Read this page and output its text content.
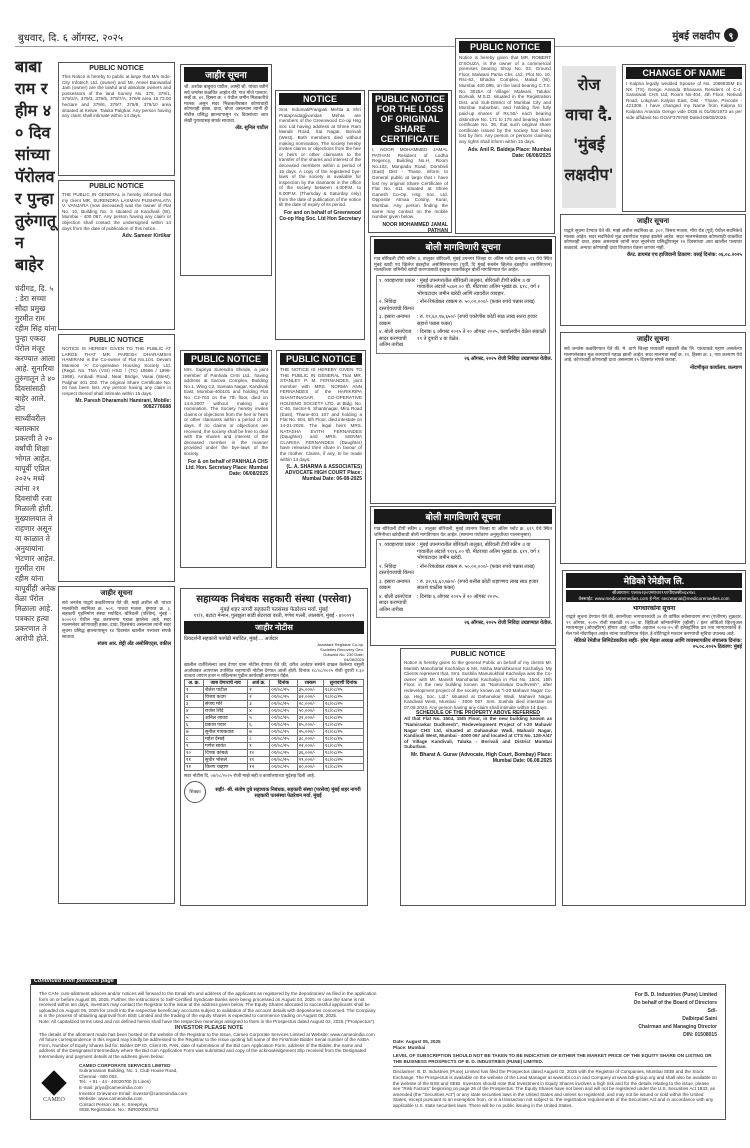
बुधवार, दि. ६ ऑगस्ट, २०२५	मुंबई लक्षदीप ९
बाबा राम रहीम ४० दिवसांच्या पॅरोलवर पुन्हा तुरुंगातून बाहेर
चंदीगड, दि. ५ : डेरा सच्चा सौदा प्रमुख गुरमीत राम रहीम सिंह यांना पुन्हा एकदा पॅरोल मंजूर करण्यात आला आहे. सुनारिया तुरुंगातून ते ४० दिवसांसाठी बाहेर आले. दोन साध्वींवरील बलात्कार प्रकरणी ते २० वर्षांची शिक्षा भोगत आहेत. यापूर्वी एप्रिल २०२५ मध्ये त्यांना २१ दिवसांची रजा मिळाली होती. मुख्यालयात ते राहणार असून या काळात ते अनुयायांना भेटणार आहेत. गुरमीत राम रहीम यांना यापूर्वीही अनेक वेळा पॅरोल मिळाला आहे. पत्रकार हत्या प्रकरणात ते आरोपी होते.
रोज वाचा दै. 'मुंबई लक्षदीप'
PUBLIC NOTICE
This Notice is hereby to public at large that M/s Indo-City Infotech Ltd. (owner) and Mr. Aneel Banwarilal Jain (owner) are the lawful and absolute owners and possessors of the land Survey No. 379, 379/1, 379/2/A, 379/3, 379/5, 379/7/A, 379/9 area 15.73.00 hectare and 379/6, 379/7, 379/8, 379/10 area situated at Kelwe, Taluka Palghar. Any person having any claim shall intimate within 14 days.
PUBLIC NOTICE
THE PUBLIC IN GENERAL is hereby informed that my client MR. SURENDRA LAXMAN PUSHPALATA V. VANJARA (now deceased) was the owner of Flat No. 10, Building No. 3 situated at Kandivali (W), Mumbai - 400 067. Any person having any claim or objection shall contact the undersigned within 14 days from the date of publication of this notice.
Adv. Sameer Kirtikar
PUBLIC NOTICE
NOTICE IS HEREBY GIVEN TO THE PUBLIC AT LARGE THAT MR. PARESH DHARAMSHI HAMIRANI is the Co-owner of Flat No.104, Devam Mansion 'A' Co-operative Housing Society Ltd. (Regd. No. TNA (VSI) HSG / (TC) 10566 / 1996-1998), Ambadi Road, Near Bridge, Vasai (West), Palghar 401 202. The original Share Certificate No. 04 has been lost. Any person having any claim in respect thereof shall intimate within 15 days.
Mr. Paresh Dharamshi Hamirani, Mobile: 9082776688
जाहीर सूचना
सर्व जनतेस याद्वारे कळविण्यात येते की, माझे अशील श्री. यांच्या मालकीची सदनिका क्र. ५०१, पाचवा मजला, इमारत क्र. ३, सहकारी गृहनिर्माण संस्था मर्यादित, बोरिवली (पश्चिम), मुंबई - ४०००९२ येथील मूळ करारनामा गहाळ झालेला आहे. सदर मालमत्तेवर कोणाचाही हक्क, दावा, हितसंबंध असल्यास त्यांनी सदर सूचना प्रसिद्ध झाल्यापासून १४ दिवसांत खालील पत्त्यावर संपर्क साधावा.
संजय आर. शेट्टी अँड असोसिएट्स, वकील
जाहीर सूचना
श्री. अशोक बाबुराव पाटील, आम्ही श्री. यांच्या वतीने सर्व जनतेस कळवित आहोत की, गाव मौजे पालघर, सर्व्हे क्र. ४२, हिस्सा क्र. २ येथील जमीन मिळकतीचे मालक असून सदर मिळकतीबाबत कोणाचाही कोणताही हक्क, दावा, बोजा असल्यास त्यांनी ही नोटीस प्रसिद्ध झाल्यापासून १४ दिवसांच्या आत लेखी पुराव्यासह संपर्क साधावा.
अ‍ॅड. सुनिल पाटील
NOTICE
Smt. IndumatiPranjpati Mehta & Shri PratapraiJagjivandas Mehta are members of the Greenwood Co-op Hsg Soc Ltd having address at Shree Ram Mandir Road, Sai Nagar, Borivali (West). Both members died without making nomination. The society hereby invites claims or objections from the heir or heirs or other claimants to the transfer of the shares and interest of the deceased members within a period of 15 days. A copy of the registered bye-laws of the society is available for inspection by the claimants in the office of the society between 4.00P.M. to 6.00P.M. (Thursday & Saturday only) from the date of publication of the notice till the date of expiry of its period.
For and on behalf of Greenwood Co-op Hsg Soc. Ltd Hon Secretary
PUBLIC NOTICE FOR THE LOSS OF ORIGINAL SHARE CERTIFICATE
I, NOOR MOHAMMED JAMAL PATHAN Resident of Lodha Regency, Building No.H, Room No.102, Manpada Road, Dombivli (East) Dist - Thane, inform to General public at large that I have lost my original Share Certificate of Flat No. 611 situated at Shree Ganesh Co-Op. Hsg. Soc. Ltd. Opposite Atmaa Colony, Kurar, Mumbai. Any person finding the same may contact on the mobile number given below.
NOOR MOHAMMED JAMAL PATHAN
PUBLIC NOTICE
Notice is hereby given that MR. ROBERT D'SOUZA, is the owner of a commercial premises bearing Shop No. 03, Ground Floor, Malwani Parsa Chs. Ltd., Plot No. 10, Rsc-62, Bhadra Complex, Malad (W), Mumbai 400 095, on the land bearing C.T.S. No. 3025A of Village: Malwani, Taluka: Borivali, M.S.D. situated in the Registration Dist. and Sub-District of Mumbai City and Mumbai Suburban, and holding five fully paid-up shares of Rs.50/- each bearing distinctive No. 171 to 175 and bearing share certificate No. 36, that such original share certificate issued by the society has been lost by him. Any person or persons claiming any rights shall inform within 15 days.
Adv. Anil R. Baldeja Place: Mumbai Date: 06/08/2025
CHANGE OF NAME
I Kalpna legally wedded Spouse of No. 1086835M Ex NK (TS) Genge Ananda Bhavana Resident of C-4, Saraswati CHS Ltd, Room No-404, 4th Floor, Netivali Road, Lokgram Kalyan East, Dist - Thane, Pincode - 421306. I have changed my Name from Kalpna to Kalpana Ananda Genge vide DOB is 01/06/1973 as per vide affidavit No GOAF379780 Dated 06/08/2025.
जाहीर सूचना
याद्वारे सूचना देण्यात येते की, माझे अशील सदनिका क्र. ३०२, तिसरा मजला, मीरा रोड (पूर्व) येथील सदनिकेचे मालक आहेत. सदर सदनिकेचे मूळ दस्तऐवज गहाळ झालेले आहेत. सदर मालमत्तेबाबत कोणत्याही व्यक्तीचा कोणताही दावा, हक्क असल्यास त्यांनी सदर सूचनेच्या प्रसिद्धीपासून १४ दिवसांच्या आत खालील पत्त्यावर कळवावे, अन्यथा कोणताही दावा विचारात घेतला जाणार नाही.
कॅप्ट. डायमंड एच हाजिवानी ठिकाण: वसई दिनांक: ०६.०८.२०२५
जाहीर सूचना
सर्व जनतेस कळविण्यात येते की, मे. ठाणे जिल्हा मध्यवर्ती सहकारी बँक लि. यांच्याकडे गहाण असलेल्या मालमत्तेबाबत मूळ कागदपत्रे गहाळ झाली आहेत. सदर मालमत्ता सर्व्हे क्र. १२, हिस्सा क्र. ३, गाव कल्याण येथे आहे. कोणाचाही कोणताही दावा असल्यास १५ दिवसांत संपर्क करावा.
नोंदणीकृत कार्यालय, कल्याण
PUBLIC NOTICE
Mrs. Supriya Surendra Shinde, a joint member of Panhala CHS Ltd., having address at Sarova Complex, Building No.1, Wing C2, Samata Nagar, Kandivali East, Mumbai-400101 and holding Flat No. C2-703 on the 7th floor, died on 14.6.2007 without making any nomination. The Society hereby invites claims or objections from the heir or heirs or other claimants within a period of 15 days. If no claims or objections are received, the society shall be free to deal with the shares and interest of the deceased member in the manner provided under the bye-laws of the society.
For & on behalf of PANHALA CHS Ltd. Hon. Secretary Place: Mumbai Date: 06/08/2025
PUBLIC NOTICE
THE NOTICE IS HEREBY GIVEN TO THE PUBLIC IN GENERAL That MR. STANLEY P. M. FERNANDES, joint member with MRS. NORMA ANN FERNANDES of the HARIKRIPA SHANTINAGAR CO-OPERATIVE HOUSING SOCIETY LTD. at Bldg. No. C-46, Sector-5, Shantinagar, Mira Road (East), Thane-401 107 and holding a Flat No. 504, 5th Floor, died intestate on 14-01-2025. The legal heirs MRS. NATASHA EVITH FERNANDES (Daughter) and MRS. SIENNA CLARISA FERNANDES (Daughter) have released their share in favour of the mother. Claims, if any, to be made within 14 days.
(L. A. SHARMA & ASSOCIATES) ADVOCATE HIGH COURT Place: Mumbai Date: 06-08-2025
बोली मागविणारी सूचना
गाव बोरिवली टीपी स्कीम ॥, तालुका बोरिवली, मुंबई उपनगर जिल्हा या अंतिम प्लॉट क्रमांक ५११ येथे स्थित मुंबई खादी एवं व्हिलेज इंडस्ट्रीज असोसिएशनच्या (पूर्वी, दि मुंबई सबर्बन व्हिलेज इंडस्ट्रीज असोसिएशन) मालकीच्या जमिनीचे खरेदी करण्यासाठी इच्छुक व्यक्तींकडून बोली मागविण्यात येत आहेत.
१. व्यवहाराचा प्रकार : मुंबई उपनगरातील बोरिवली तालुका, बोरिवली टीपी स्कीम ॥ या गावातील अंदाजे ५८७२.०० चौ. मीटरच्या अंतिम भूखंड क्र. ६१८, वर्ग १ भोगवटादार जमीन खरेदी आणि त्यावरील व्यवहार.
२. निविदा दस्तऐवजांची किंमत
: नॉन-रिफंडेबल रक्कम रु. ५०,००,०००/- (फक्त रुपये पन्नास लाख)
३. इसारा अनामत रक्कम
: रु. १९,६०,१७,६५०/- (रुपये एकोणीस कोटी साठ लाख सतरा हजार सहाशे पन्नास फक्त)
४. बोली दस्तऐवज सादर करण्याची अंतिम तारीख
: दिनांक ६ ऑगस्ट २०२५ ते २० ऑगस्ट २०२५, कार्यालयीन वेळेत सकाळी ११ ते दुपारी ४ या वेळेत.
२६ ऑगस्ट, २०२५ रोजी निविदा उघडण्यात येतील.
बोली मागविणारी सूचना
गाव बोरिवली टीपी स्कीम ॥, तालुका बोरिवली, मुंबई उपनगर जिल्हा या अंतिम प्लॉट क्र. ६१९ येथे स्थित जमिनीच्या खरेदीसाठी बोली मागविण्यात येत आहेत. (सामान्य पर्यावरण अनुसूचीच्या पालनानुसार)
१. व्यवहाराचा प्रकार : मुंबई उपनगरातील बोरिवली तालुका, बोरिवली टीपी स्कीम ॥ या गावातील अंदाजे ९११६.०० चौ. मीटरच्या अंतिम भूखंड क्र. ६१९, वर्ग १ भोगवटादार जमीन खरेदी.
२. निविदा दस्तऐवजांची किंमत
: नॉन-रिफंडेबल रक्कम रु. ५०,००,०००/- (फक्त रुपये पन्नास लाख)
३. इसारा अनामत रक्कम
: रु. ३२,९६,६०,७४०/- (रुपये बत्तीस कोटी शहाण्णव लाख साठ हजार सातशे चाळीस फक्त)
४. बोली दस्तऐवज सादर करण्याची अंतिम तारीख
: दिनांक ६ ऑगस्ट २०२५ ते २० ऑगस्ट २०२५.
२६ ऑगस्ट, २०२५ रोजी निविदा उघडण्यात येतील.
PUBLIC NOTICE
Notice is hereby given to the general Public on behalf of my clients Mr. Manish Manoharlal Kachaliya & Ms. Nisha Manishkumar Kachaliya. My Clients represent that, Smt. Sushila Manusukhlal Kachaliya was the Co-owner with Mr. Manish Manoharlal Kachaliya in Flat No. 1504, 15th Floor, in the new building known as "Namiravkar Dudhvesh", after redevelopment project of the society known as "I-20 Mahavir Nagar Co-op. Hsg. Soc. Ltd." situated at Dahanukar Wadi, Mahavir Nagar, Kandivali West, Mumbai - 4000 067. Smt. Sushila died intestate on 07.08.2024. Any person having any claim shall intimate within 14 days.
SCHEDULE OF THE PROPERTY ABOVE REFERRED
All that Flat No. 1504, 15th Floor, in the new building known as "Namiravkar Dudhvesh", Redevelopment Project of I-20 Mahavir Nagar CHS Ltd, situated at Dahanukar Wadi, Mahavir Nagar, Kandivali West, Mumbai - 4000 067 and located at CTS No. 128-A/47 of Village Kandivali, Taluka - Borivali and District Mumbai Suburban.
Mr. Bharat A. Gurav (Advocate, High Court, Bombay) Place: Mumbai Date: 06.08.2025
मेडिको रेमेडीज लि.
सीआयएन: एल२४२३०एमएच१९९१पीएलसी०६४२४८
वेबसाईट: www.medicoremedies.com ई-मेल: secretarial@medicoremedies.com
भागधारकांना सूचना
याद्वारे सूचना देण्यात येते की, कंपनीच्या भागधारकांची ३४ वी वार्षिक सर्वसाधारण सभा (एजीएम) शुक्रवार, २९ ऑगस्ट, २०२५ रोजी सकाळी ११.०० वा. व्हिडिओ कॉन्फरन्सिंग (व्हीसी) / इतर ऑडिओ व्हिज्युअल माध्यमातून (ओएव्हीएम) होणार आहे. वार्षिक अहवाल २०२४-२५ ची इलेक्ट्रॉनिक प्रत ज्या भागधारकांचे ई-मेल पत्ते नोंदणीकृत आहेत त्यांना पाठविण्यात येईल. ई-वोटिंगद्वारे मतदान करण्याची सुविधा उपलब्ध आहे.
मेडिको रेमेडीज लिमिटेडकरिता सही/- हरेश मेहता अध्यक्ष आणि व्यवस्थापकीय संचालक दिनांक: ०५.०८.२०२५ ठिकाण: मुंबई
सहाय्यक निबंधक सहकारी संस्था (परसेवा)
मुंबई शहर नागरी सहकारी पतसंस्था फेडरेशन मर्या. मुंबई
११/१, बटाटा मेन्शन, गुलझुला साडी सेंटरच्या वरती, गणेश गल्ली, लालबाग, मुंबई - ४०००१२
जाहीर नोटीस
प्रियदर्शनी सहकारी पतपेढी मर्यादित, मुंबई ... अर्जदार
Assistant Registrar Co-op. Societies Recovery Gen. Outward No. 230 Date: 04/08/2025
खालील दर्शविलेल्या जाब देणार यांना नोटीस देण्यात येते की, वरील अर्जदार संस्थेने दाखल केलेल्या वसुली अर्जाबाबत आपणास उपस्थित राहण्याची नोटीस देण्यात आली होती. दिनांक १८/०८/२०२५ रोजी दुपारी १.३० वाजता आपण हजर न राहिल्यास पुढील कार्यवाही करण्यात येईल.
अ. क्र.	जाब देणाराचे नाव	अर्ज क्र.	दिनांक	रक्कम	सुनावणी दिनांक
१	शैलेश पाटील	१	०१/०८/२५	३५,०००/-	१८/०८/२५
२	विजय कदम	२	०१/०८/२५	४२,०००/-	१८/०८/२५
३	संजय मोरे	३	०१/०८/२५	२८,०००/-	१८/०८/२५
४	राजेश शिंदे	४	०१/०८/२५	५०,०००/-	१८/०८/२५
५	अनिल जाधव	५	०१/०८/२५	३१,०००/-	१८/०८/२५
६	प्रकाश पवार	६	०१/०८/२५	४५,०००/-	१८/०८/२५
७	सुनील गायकवाड	७	०१/०८/२५	२५,०००/-	१८/०८/२५
८	महेश देसाई	८	०१/०८/२५	३८,०००/-	१८/०८/२५
९	गणेश सावंत	९	०१/०८/२५	२२,०००/-	१८/०८/२५
१०	दिपक कांबळे	१०	०१/०८/२५	३६,०००/-	१८/०८/२५
११	सुधीर भोसले	११	०१/०८/२५	२९,०००/-	१८/०८/२५
१२	किरण चव्हाण	१२	०१/०८/२५	४०,०००/-	१८/०८/२५
सदर नोटीस दि. ०४/०८/२०२५ रोजी माझे सही व कार्यालयाच्या मुद्रेसह दिली आहे.
शिक्का	सही/- श्री. संतोष दुबे सहाय्यक निबंधक, सहकारी संस्था (परसेवा) मुंबई शहर नागरी सहकारी पतसंस्था फेडरेशन मर्या. मुंबई
Continued from previous page

The CAN- cum-allotment advices and/or notices will forward to the Email Id's and address of the applicants as registered by the depositories/ as filed in the application form on or before August 05, 2025. Further, the instructions to Self-Certified Syndicate Banks were being processed on August 04, 2025. In case the same is not received within ten days, investors may contact the Registrar to the issue at the address given below. The Equity Shares allocated to successful applicants shall be uploaded on August 05, 2025 for credit into the respective beneficiary accounts subject to validation of the account details with depositories concerned. The Company is in the process of obtaining approval from BSE Limited and the trading of the equity shares is expected to commence trading on August 06, 2025.

Note: All capitalized terms used and not defined herein shall have the respective meanings assigned to them in the Prospectus dated August 02, 2025 ("Prospectus").

INVESTOR PLEASE NOTE

The details of the allotment made has been hosted on the website of the Registrar to the Issue, Cameo Corporate Services Limited at Website: www.cameoindia.com

All future correspondence in this regard may kindly be addressed to the Registrar to the Issue quoting full name of the First/Sole Bidder Serial number of the ASBA Form, Number of Equity Shares bid for, Bidder DP ID, Client ID, PAN, date of submission of the Bid cum Application Form, address of the Bidder, the name and address of the Designated Intermediary where the Bid cum Application Form was submitted and copy of the acknowledgement Slip received from the Designated Intermediary and payment details at the address given below:

CAMEO
CAMEO CORPORATE SERVICES LIMITED
Subramanian Building, No. 1, Club House Road,
Chennai - 600 002.
Tel.: + 91 - 44 - 40020700 (5 Lines)
E-mail: priya@cameoindia.com
Investor Grievance Email: investor@cameoindia.com
Website: www.cameoindia.com
Contact Person: Ms. K. Sreepriya
SEBI Registration. No.: INR000003753
For B. D. Industries (Pune) Limited
On behalf of the Board of Directors
Sd/-
Dalbirpal Saini
Chairman and Managing Director
DIN: 01508015

Date: August 05, 2025

Place: Mumbai

LEVEL OF SUBSCRIPTION SHOULD NOT BE TAKEN TO BE INDICATIVE OF EITHER THE MARKET PRICE OF THE EQUITY SHARE ON LISTING OR THE BUSINESS PROSPECTS OF B. D. INDUSTRIES (PUNE) LIMITED.

Disclaimer: B. D. Industries (Pune) Limited has filed the Prospectus dated August 02, 2025 with the Registrar of Companies, Mumbai SEBI and the Stock Exchange. The Prospectus is available on the website of the Lead Manager at www.sbl.co.in and Company at www.bdi-group.org and shall also be available on the website of the BSE and SEBI. Investors should note that Investment in Equity Shares involves a high risk and for the details relating to the issue, please see "Risk Factors" beginning on page 26 of the Prospectus. The Equity Shares have not been and will not be registered under the U.S. Securities Act 1933, as amended (the "Securities Act") or any state securities laws in the United States and unless so registered, and may not be issued or sold within the United States, except pursuant to an exemption from, or in a transaction not subject to, the registration requirements of the Securities Act and in accordance with any applicable U.S. state securities laws. There will be no public issuing in the United States.
